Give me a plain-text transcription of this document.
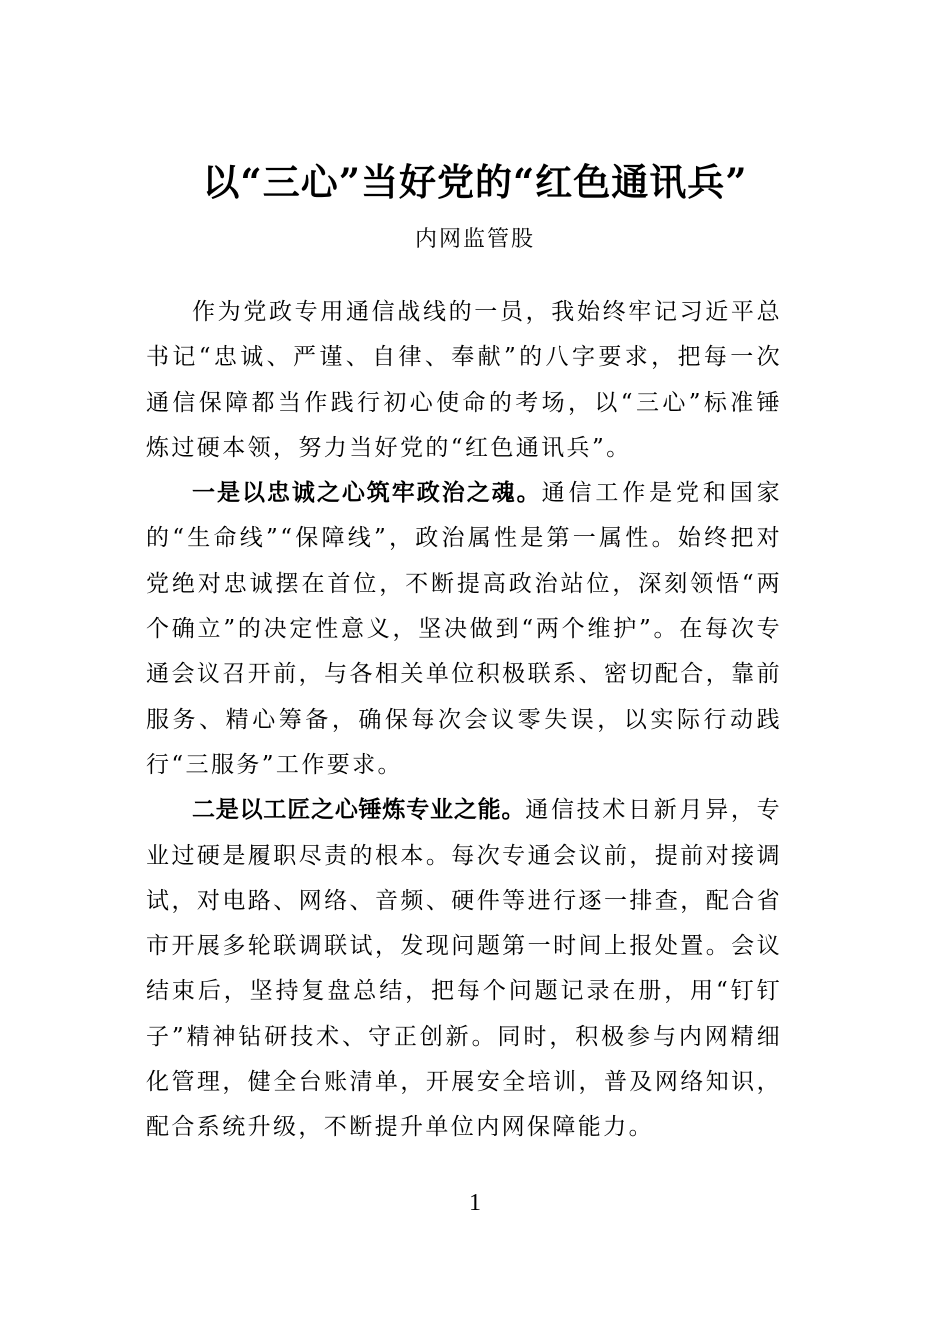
以“三心”当好党的“红色通讯兵”
内网监管股

作为党政专用通信战线的一员，我始终牢记习近平总书记“忠诚、严谨、自律、奉献”的八字要求，把每一次通信保障都当作践行初心使命的考场，以“三心”标准锤炼过硬本领，努力当好党的“红色通讯兵”。

一是以忠诚之心筑牢政治之魂。通信工作是党和国家的“生命线”“保障线”，政治属性是第一属性。始终把对党绝对忠诚摆在首位，不断提高政治站位，深刻领悟“两个确立”的决定性意义，坚决做到“两个维护”。在每次专通会议召开前，与各相关单位积极联系、密切配合，靠前服务、精心筹备，确保每次会议零失误，以实际行动践行“三服务”工作要求。

二是以工匠之心锤炼专业之能。通信技术日新月异，专业过硬是履职尽责的根本。每次专通会议前，提前对接调试，对电路、网络、音频、硬件等进行逐一排查，配合省市开展多轮联调联试，发现问题第一时间上报处置。会议结束后，坚持复盘总结，把每个问题记录在册，用“钉钉子”精神钻研技术、守正创新。同时，积极参与内网精细化管理，健全台账清单，开展安全培训，普及网络知识，配合系统升级，不断提升单位内网保障能力。

1
